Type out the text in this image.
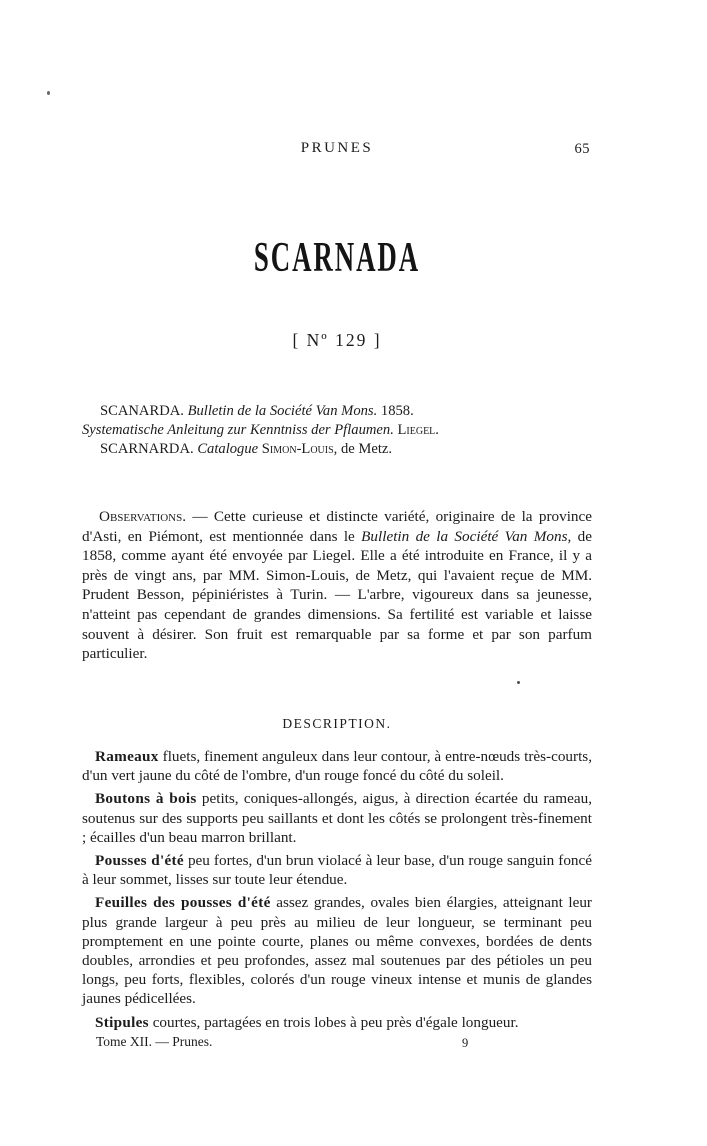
PRUNES	65
SCARNADA
[ Nº 129 ]

SCANARDA. Bulletin de la Société Van Mons. 1858.

Systematische Anleitung zur Kenntniss der Pflaumen. Liegel.

SCARNARDA. Catalogue Simon-Louis, de Metz.

Observations. — Cette curieuse et distincte variété, originaire de la province d'Asti, en Piémont, est mentionnée dans le Bulletin de la Société Van Mons, de 1858, comme ayant été envoyée par Liegel. Elle a été introduite en France, il y a près de vingt ans, par MM. Simon-Louis, de Metz, qui l'avaient reçue de MM. Prudent Besson, pépiniéristes à Turin. — L'arbre, vigoureux dans sa jeunesse, n'atteint pas cependant de grandes dimensions. Sa fertilité est variable et laisse souvent à désirer. Son fruit est remarquable par sa forme et par son parfum particulier.

DESCRIPTION.

Rameaux fluets, finement anguleux dans leur contour, à entre-nœuds très-courts, d'un vert jaune du côté de l'ombre, d'un rouge foncé du côté du soleil.

Boutons à bois petits, coniques-allongés, aigus, à direction écartée du rameau, soutenus sur des supports peu saillants et dont les côtés se prolongent très-finement ; écailles d'un beau marron brillant.

Pousses d'été peu fortes, d'un brun violacé à leur base, d'un rouge sanguin foncé à leur sommet, lisses sur toute leur étendue.

Feuilles des pousses d'été assez grandes, ovales bien élargies, atteignant leur plus grande largeur à peu près au milieu de leur longueur, se terminant peu promptement en une pointe courte, planes ou même convexes, bordées de dents doubles, arrondies et peu profondes, assez mal soutenues par des pétioles un peu longs, peu forts, flexibles, colorés d'un rouge vineux intense et munis de glandes jaunes pédicellées.

Stipules courtes, partagées en trois lobes à peu près d'égale longueur.

Tome XII. — Prunes.	9
